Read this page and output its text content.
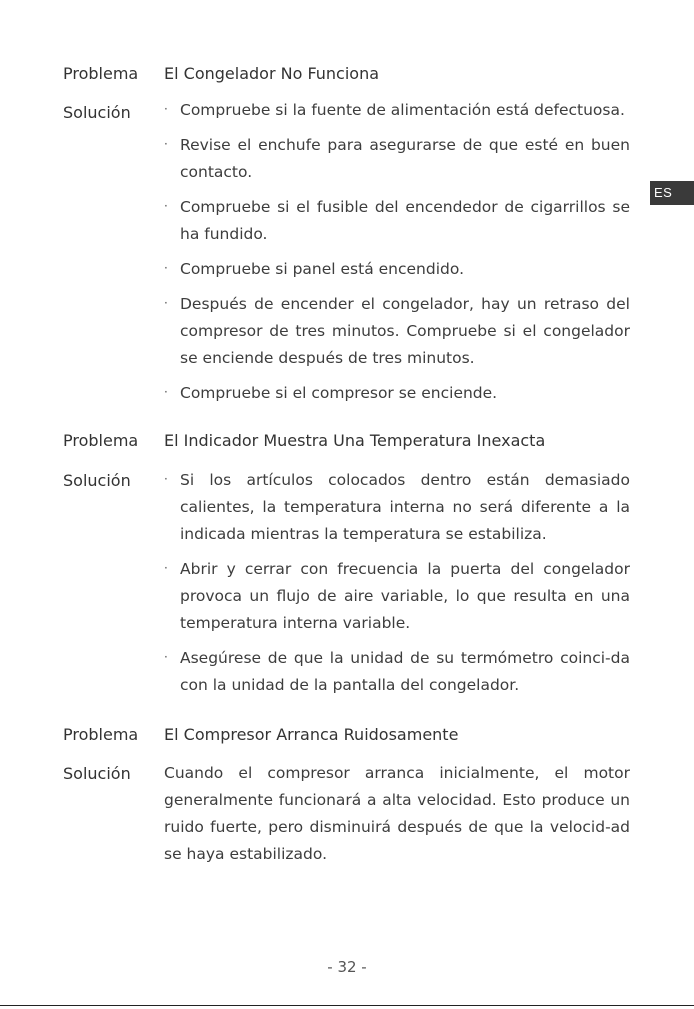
ES
Problema El Congelador No Funciona
Solución	· Compruebe si la fuente de alimentación está defectuosa.
· Revise el enchufe para asegurarse de que esté en buen contacto.
· Compruebe si el fusible del encendedor de cigarrillos se ha fundido.
· Compruebe si panel está encendido.
· Después de encender el congelador, hay un retraso del compresor de tres minutos. Compruebe si el congelador se enciende después de tres minutos.
· Compruebe si el compresor se enciende.
Problema El Indicador Muestra Una Temperatura Inexacta
Solución	· Si los artículos colocados dentro están demasiado calientes, la temperatura interna no será diferente a la indicada mientras la temperatura se estabiliza.
· Abrir y cerrar con frecuencia la puerta del congelador provoca un flujo de aire variable, lo que resulta en una temperatura interna variable.
· Asegúrese de que la unidad de su termómetro coinci-da con la unidad de la pantalla del congelador.
Problema El Compresor Arranca Ruidosamente
Solución Cuando el compresor arranca inicialmente, el motor generalmente funcionará a alta velocidad. Esto produce un ruido fuerte, pero disminuirá después de que la velocid-ad se haya estabilizado.

- 32 -
